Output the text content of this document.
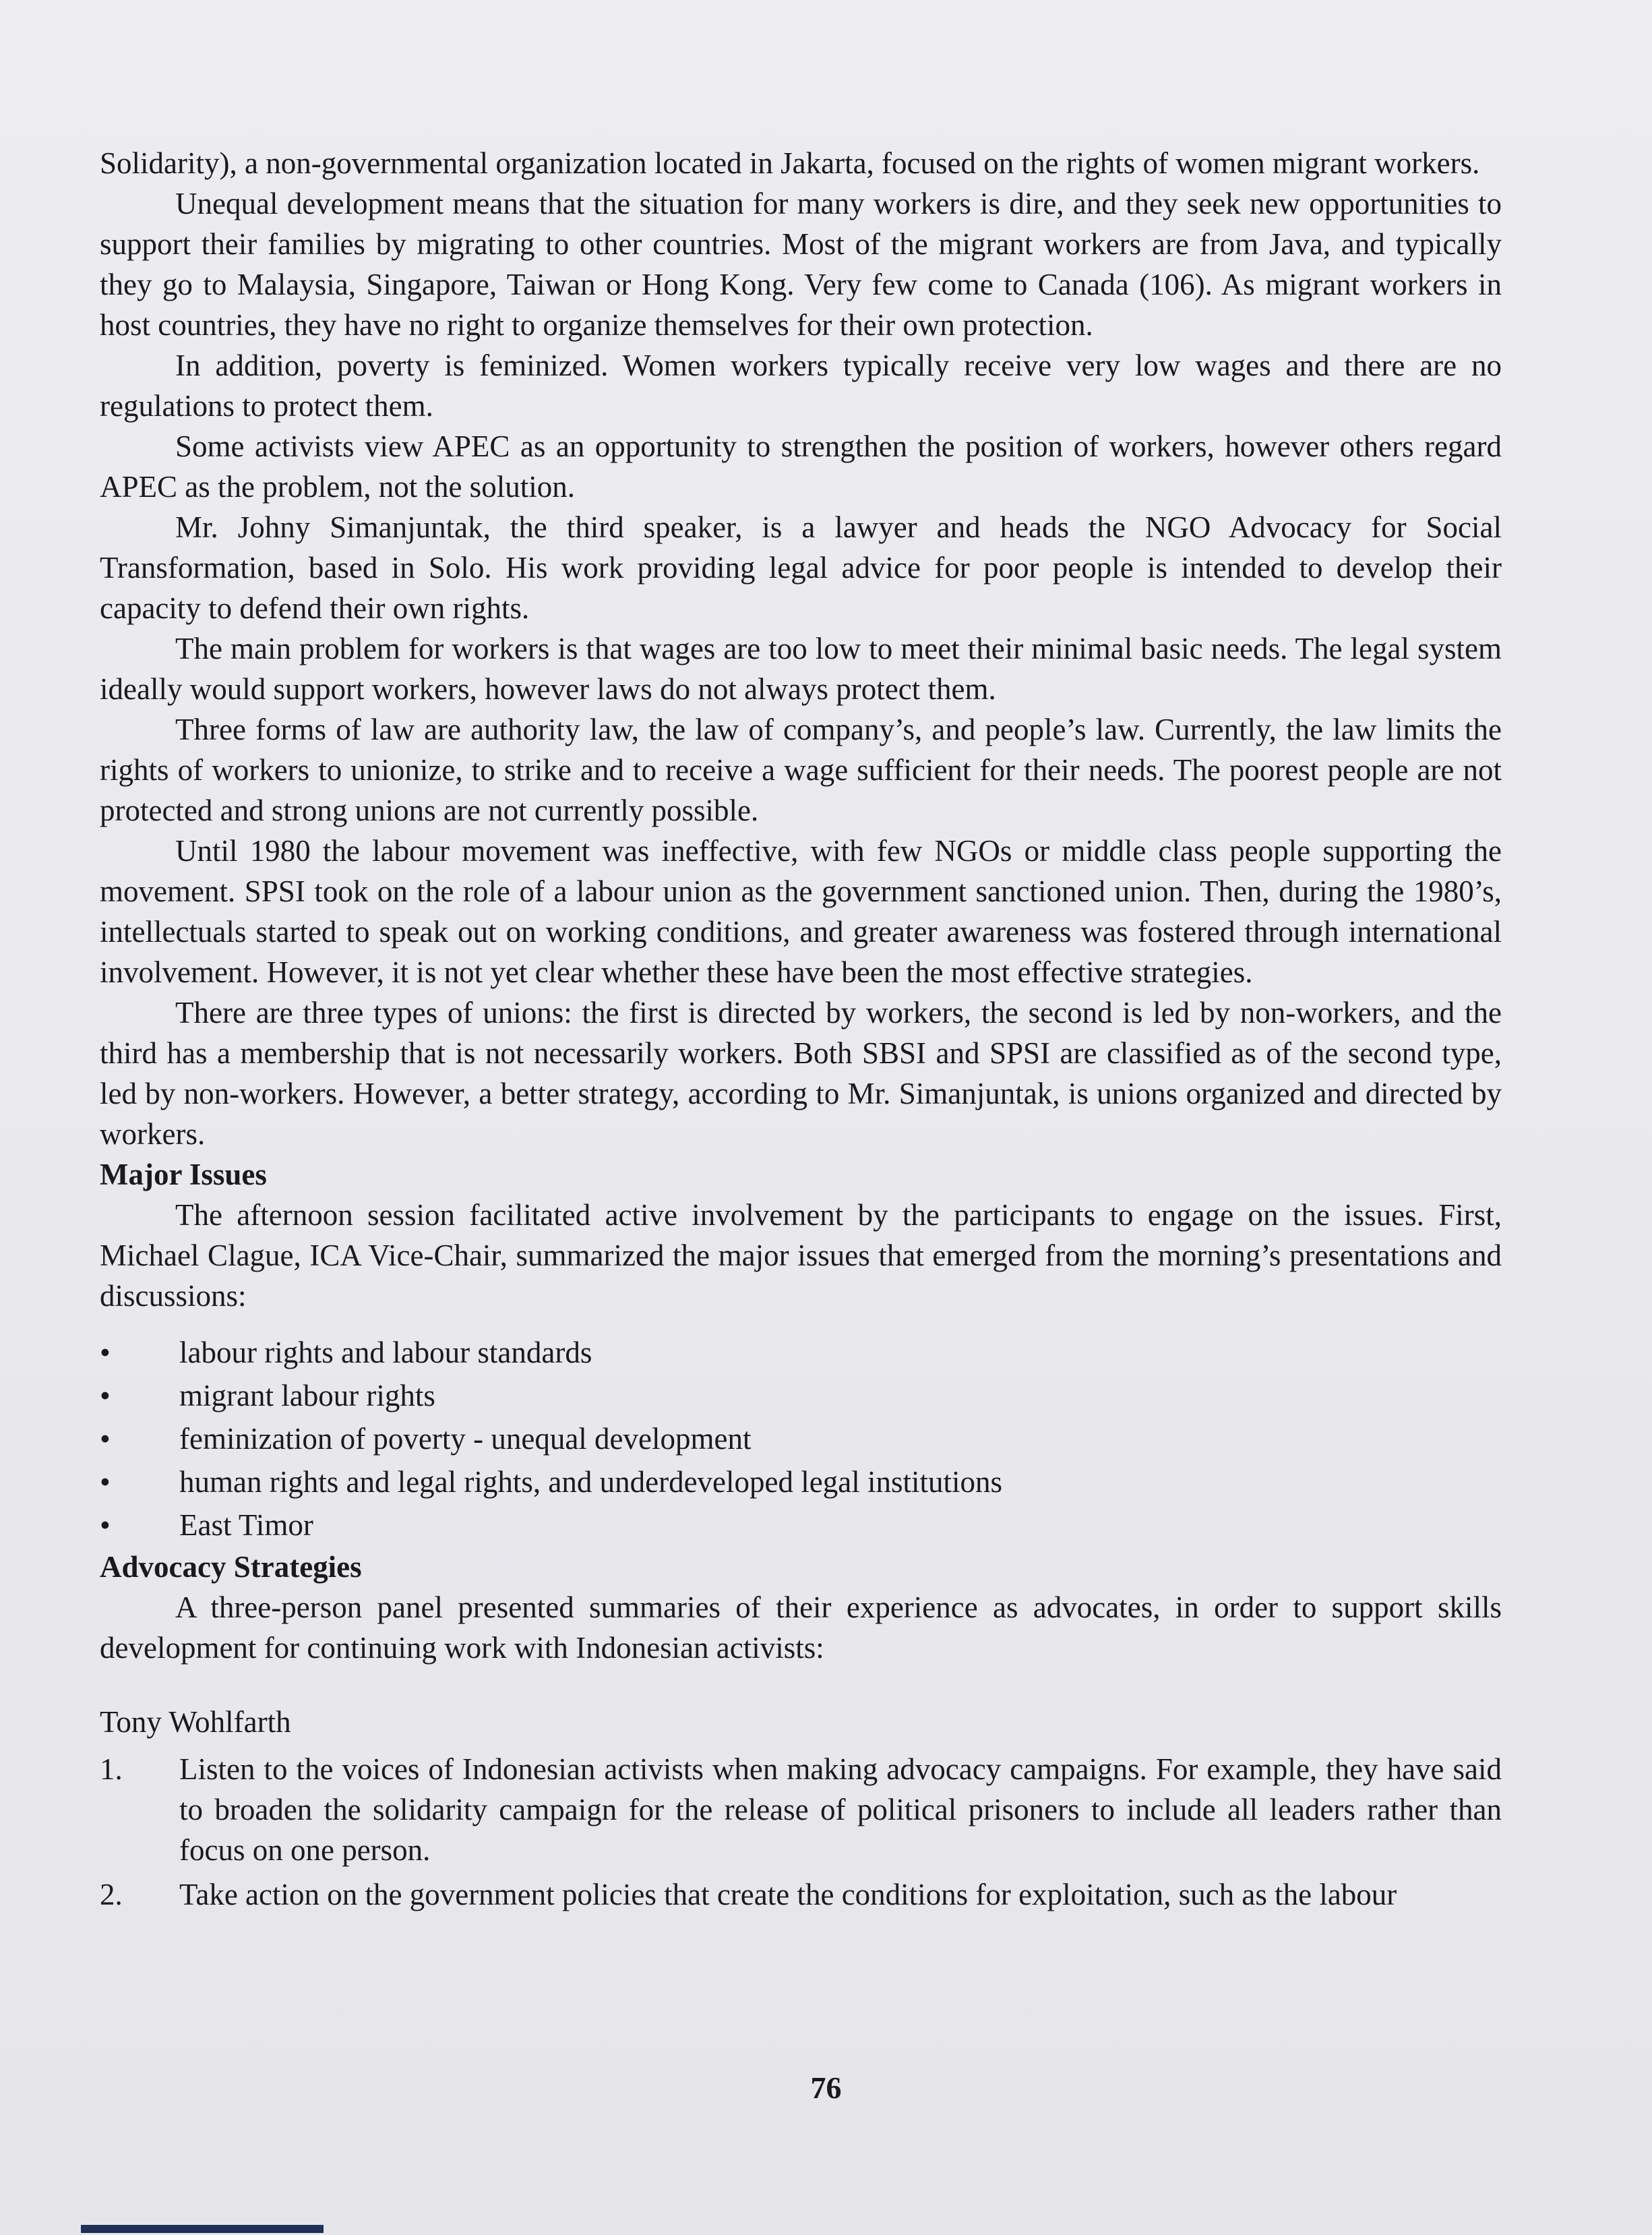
Solidarity), a non-governmental organization located in Jakarta, focused on the rights of women migrant workers.

Unequal development means that the situation for many workers is dire, and they seek new opportunities to support their families by migrating to other countries. Most of the migrant workers are from Java, and typically they go to Malaysia, Singapore, Taiwan or Hong Kong. Very few come to Canada (106). As migrant workers in host countries, they have no right to organize themselves for their own protection.

In addition, poverty is feminized. Women workers typically receive very low wages and there are no regulations to protect them.

Some activists view APEC as an opportunity to strengthen the position of workers, however others regard APEC as the problem, not the solution.

Mr. Johny Simanjuntak, the third speaker, is a lawyer and heads the NGO Advocacy for Social Transformation, based in Solo. His work providing legal advice for poor people is intended to develop their capacity to defend their own rights.

The main problem for workers is that wages are too low to meet their minimal basic needs. The legal system ideally would support workers, however laws do not always protect them.

Three forms of law are authority law, the law of company’s, and people’s law. Currently, the law limits the rights of workers to unionize, to strike and to receive a wage sufficient for their needs. The poorest people are not protected and strong unions are not currently possible.

Until 1980 the labour movement was ineffective, with few NGOs or middle class people supporting the movement. SPSI took on the role of a labour union as the government sanctioned union. Then, during the 1980’s, intellectuals started to speak out on working conditions, and greater awareness was fostered through international involvement. However, it is not yet clear whether these have been the most effective strategies.

There are three types of unions: the first is directed by workers, the second is led by non-workers, and the third has a membership that is not necessarily workers. Both SBSI and SPSI are classified as of the second type, led by non-workers. However, a better strategy, according to Mr. Simanjuntak, is unions organized and directed by workers.

Major Issues

The afternoon session facilitated active involvement by the participants to engage on the issues. First, Michael Clague, ICA Vice-Chair, summarized the major issues that emerged from the morning’s presentations and discussions:

• labour rights and labour standards
• migrant labour rights
• feminization of poverty - unequal development
• human rights and legal rights, and underdeveloped legal institutions
• East Timor

Advocacy Strategies

A three-person panel presented summaries of their experience as advocates, in order to support skills development for continuing work with Indonesian activists:

Tony Wohlfarth

1. Listen to the voices of Indonesian activists when making advocacy campaigns. For example, they have said to broaden the solidarity campaign for the release of political prisoners to include all leaders rather than focus on one person.
2. Take action on the government policies that create the conditions for exploitation, such as the labour
76
